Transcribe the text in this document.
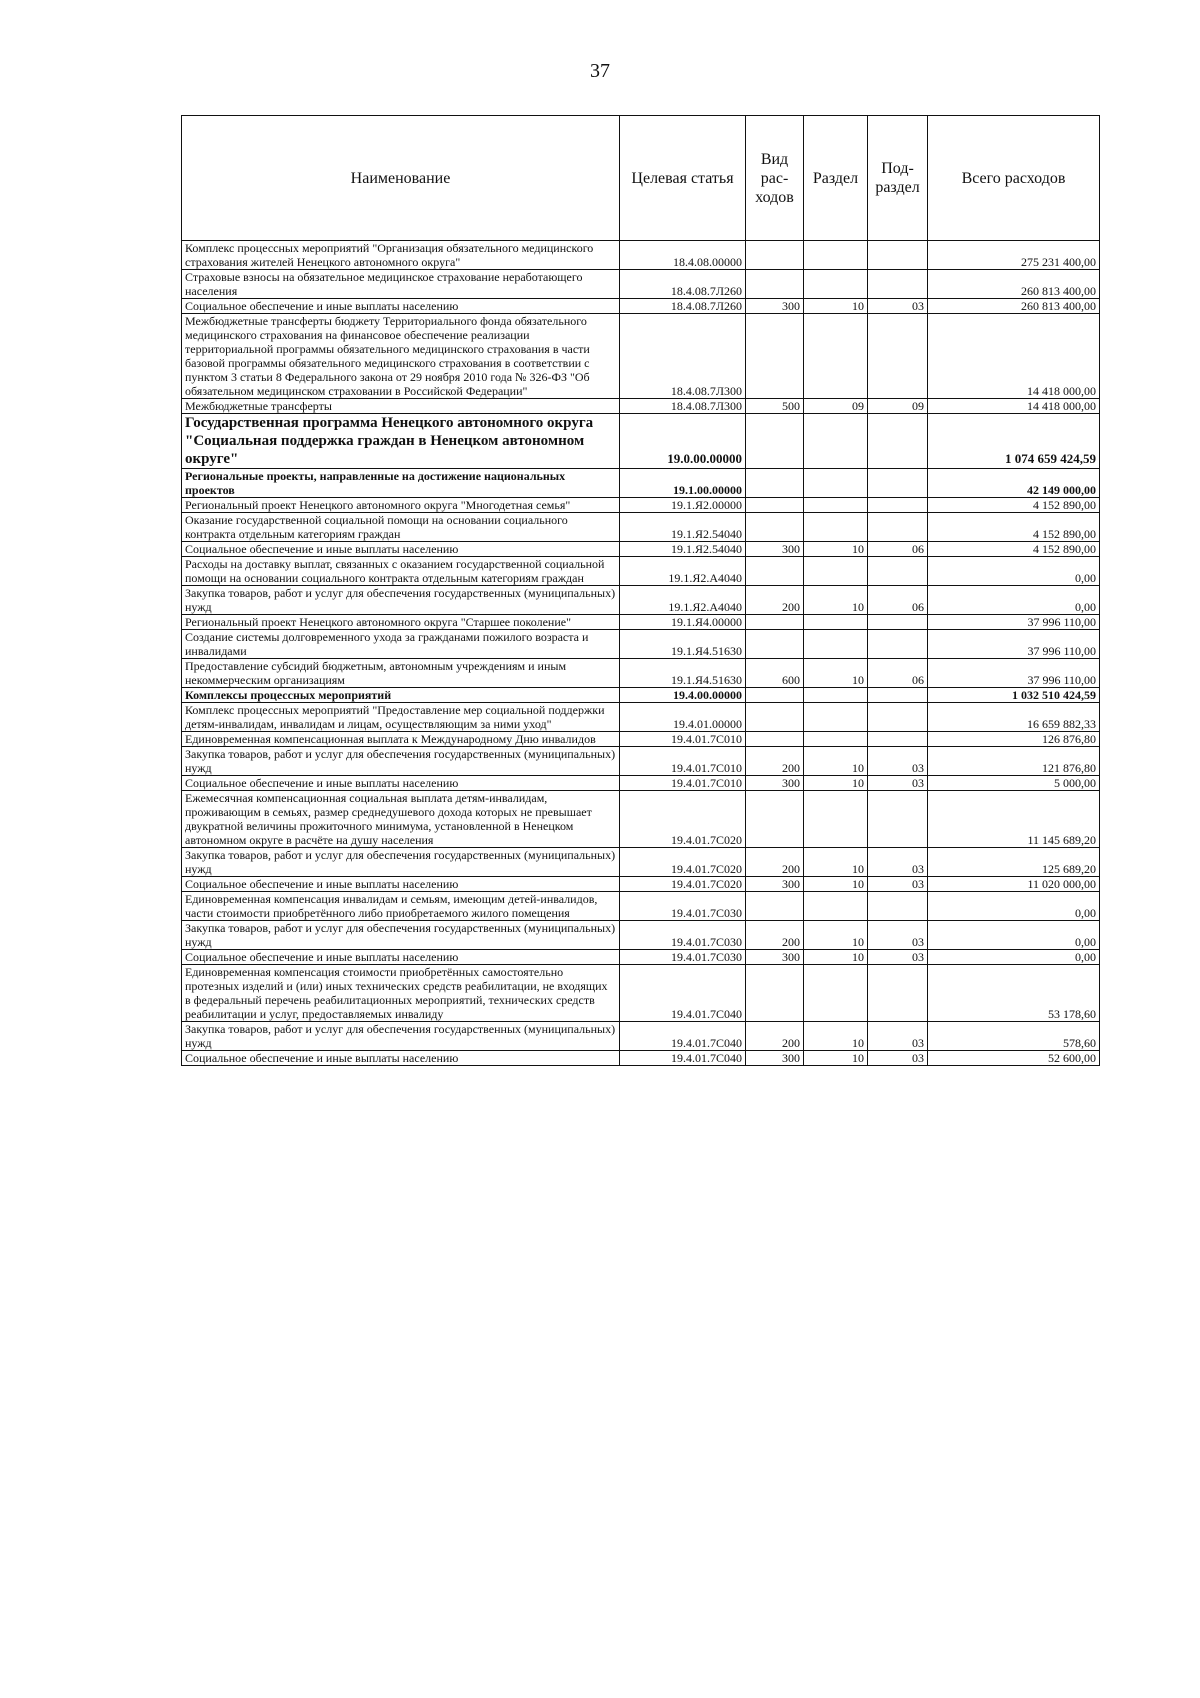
37
Наименование	Целевая статья	Вид рас-ходов	Раздел	Под-раздел	Всего расходов
Комплекс процессных мероприятий "Организация обязательного медицинского страхования жителей Ненецкого автономного округа"	18.4.08.00000				275 231 400,00
Страховые взносы на обязательное медицинское страхование неработающего населения	18.4.08.7Л260				260 813 400,00
Социальное обеспечение и иные выплаты населению	18.4.08.7Л260	300	10	03	260 813 400,00
Межбюджетные трансферты бюджету Территориального фонда обязательного медицинского страхования на финансовое обеспечение реализации территориальной программы обязательного медицинского страхования в части базовой программы обязательного медицинского страхования в соответствии с пунктом 3 статьи 8 Федерального закона от 29 ноября 2010 года № 326-ФЗ "Об обязательном медицинском страховании в Российской Федерации"	18.4.08.7Л300				14 418 000,00
Межбюджетные трансферты	18.4.08.7Л300	500	09	09	14 418 000,00
Государственная программа Ненецкого автономного округа "Социальная поддержка граждан в Ненецком автономном округе"	19.0.00.00000				1 074 659 424,59
Региональные проекты, направленные на достижение национальных проектов	19.1.00.00000				42 149 000,00
Региональный проект Ненецкого автономного округа "Многодетная семья"	19.1.Я2.00000				4 152 890,00
Оказание государственной социальной помощи на основании социального контракта отдельным категориям граждан	19.1.Я2.54040				4 152 890,00
Социальное обеспечение и иные выплаты населению	19.1.Я2.54040	300	10	06	4 152 890,00
Расходы на доставку выплат, связанных с оказанием государственной социальной помощи на основании социального контракта отдельным категориям граждан	19.1.Я2.А4040				0,00
Закупка товаров, работ и услуг для обеспечения государственных (муниципальных) нужд	19.1.Я2.А4040	200	10	06	0,00
Региональный проект Ненецкого автономного округа "Старшее поколение"	19.1.Я4.00000				37 996 110,00
Создание системы долговременного ухода за гражданами пожилого возраста и инвалидами	19.1.Я4.51630				37 996 110,00
Предоставление субсидий бюджетным, автономным учреждениям и иным некоммерческим организациям	19.1.Я4.51630	600	10	06	37 996 110,00
Комплексы процессных мероприятий	19.4.00.00000				1 032 510 424,59
Комплекс процессных мероприятий "Предоставление мер социальной поддержки детям-инвалидам, инвалидам и лицам, осуществляющим за ними уход"	19.4.01.00000				16 659 882,33
Единовременная компенсационная выплата к Международному Дню инвалидов	19.4.01.7С010				126 876,80
Закупка товаров, работ и услуг для обеспечения государственных (муниципальных) нужд	19.4.01.7С010	200	10	03	121 876,80
Социальное обеспечение и иные выплаты населению	19.4.01.7С010	300	10	03	5 000,00
Ежемесячная компенсационная социальная выплата детям-инвалидам, проживающим в семьях, размер среднедушевого дохода которых не превышает двукратной величины прожиточного минимума, установленной в Ненецком автономном округе в расчёте на душу населения	19.4.01.7С020				11 145 689,20
Закупка товаров, работ и услуг для обеспечения государственных (муниципальных) нужд	19.4.01.7С020	200	10	03	125 689,20
Социальное обеспечение и иные выплаты населению	19.4.01.7С020	300	10	03	11 020 000,00
Единовременная компенсация инвалидам и семьям, имеющим детей-инвалидов, части стоимости приобретённого либо приобретаемого жилого помещения	19.4.01.7С030				0,00
Закупка товаров, работ и услуг для обеспечения государственных (муниципальных) нужд	19.4.01.7С030	200	10	03	0,00
Социальное обеспечение и иные выплаты населению	19.4.01.7С030	300	10	03	0,00
Единовременная компенсация стоимости приобретённых самостоятельно протезных изделий и (или) иных технических средств реабилитации, не входящих в федеральный перечень реабилитационных мероприятий, технических средств реабилитации и услуг, предоставляемых инвалиду	19.4.01.7С040				53 178,60
Закупка товаров, работ и услуг для обеспечения государственных (муниципальных) нужд	19.4.01.7С040	200	10	03	578,60
Социальное обеспечение и иные выплаты населению	19.4.01.7С040	300	10	03	52 600,00
